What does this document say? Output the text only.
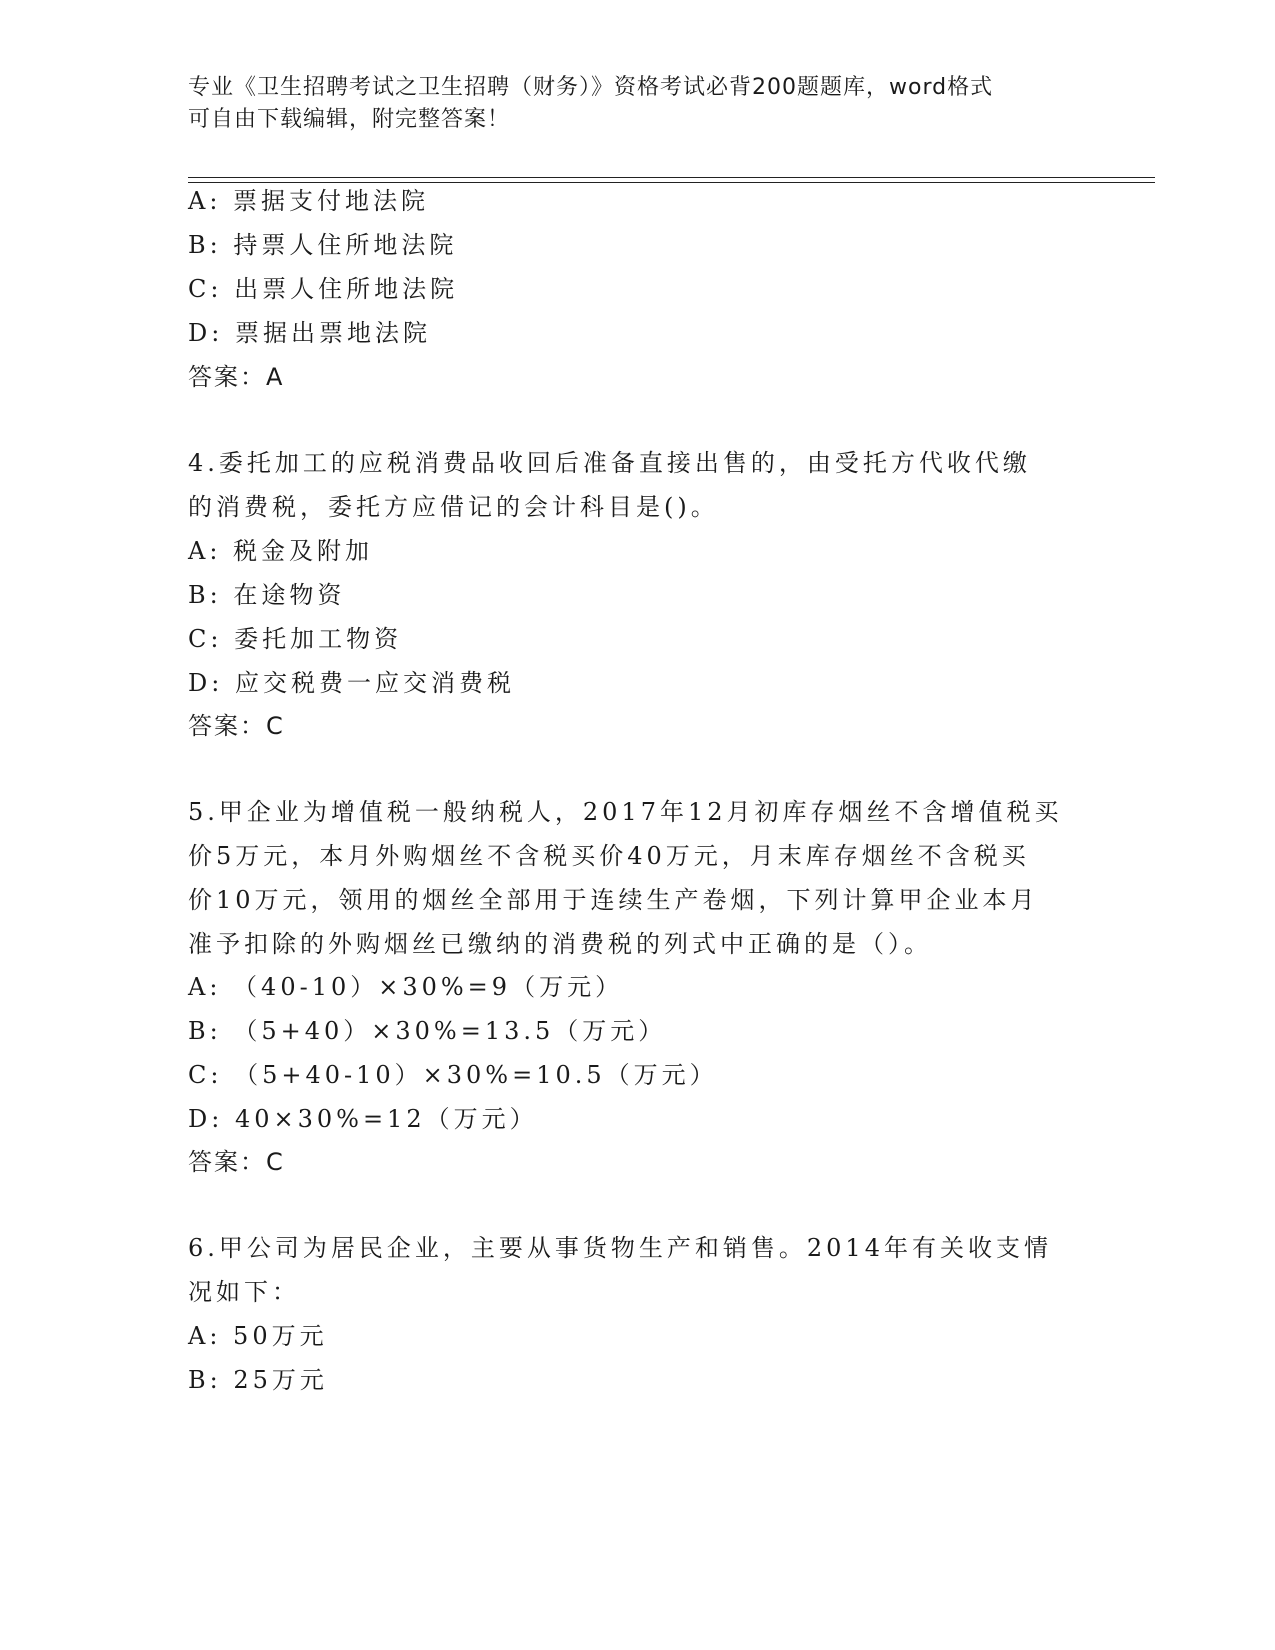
专业《卫生招聘考试之卫生招聘（财务）》资格考试必背200题题库，word格式
可自由下载编辑，附完整答案！
A: 票据支付地法院
B: 持票人住所地法院
C: 出票人住所地法院
D: 票据出票地法院
答案：A
4.委托加工的应税消费品收回后准备直接出售的，由受托方代收代缴
的消费税，委托方应借记的会计科目是()。
A: 税金及附加
B: 在途物资
C: 委托加工物资
D: 应交税费一应交消费税
答案：C
5.甲企业为增值税一般纳税人，2017年12月初库存烟丝不含增值税买
价5万元，本月外购烟丝不含税买价40万元，月末库存烟丝不含税买
价10万元，领用的烟丝全部用于连续生产卷烟，下列计算甲企业本月
准予扣除的外购烟丝已缴纳的消费税的列式中正确的是（）。
A: （40-10）×30%=9（万元）
B: （5+40）×30%=13.5（万元）
C: （5+40-10）×30%=10.5（万元）
D: 40×30%=12（万元）
答案：C
6.甲公司为居民企业，主要从事货物生产和销售。2014年有关收支情
况如下：
A: 50万元
B: 25万元
